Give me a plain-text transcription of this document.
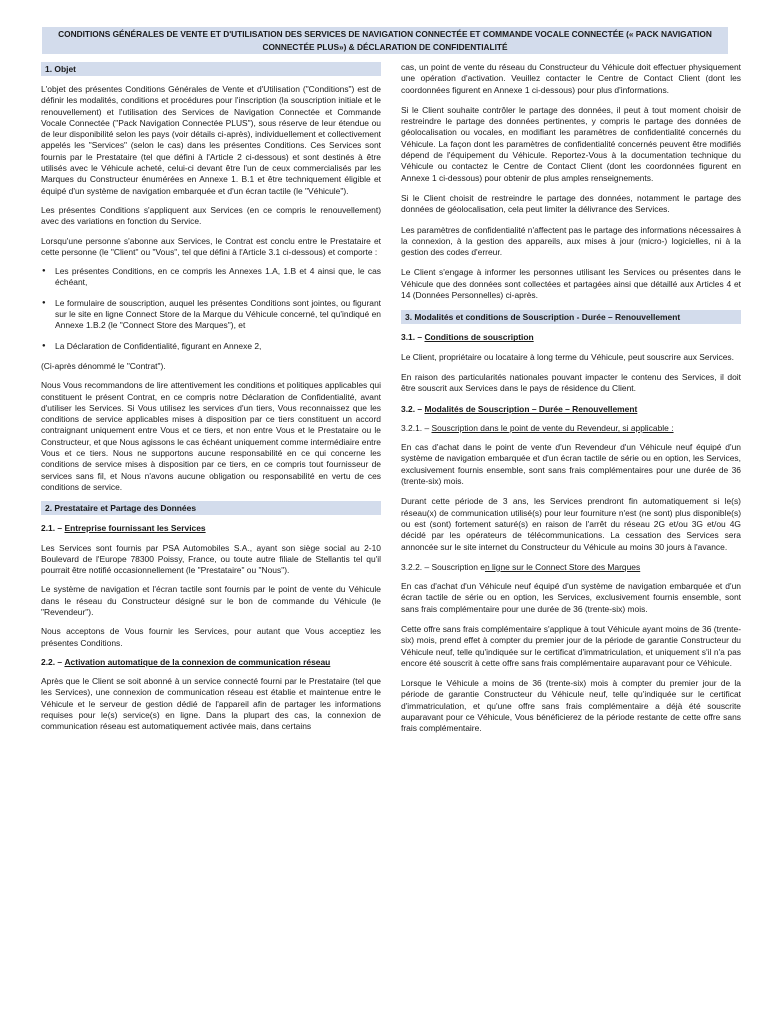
CONDITIONS GÉNÉRALES DE VENTE ET D'UTILISATION DES SERVICES DE NAVIGATION CONNECTÉE ET COMMANDE VOCALE CONNECTÉE (« PACK NAVIGATION CONNECTÉE PLUS») & DÉCLARATION DE CONFIDENTIALITÉ
1. Objet

L'objet des présentes Conditions Générales de Vente et d'Utilisation ("Conditions") est de définir les modalités, conditions et procédures pour l'inscription (la souscription initiale et le renouvellement) et l'utilisation des Services de Navigation Connectée et Commande Vocale Connectée ("Pack Navigation Connectée PLUS"), sous réserve de leur étendue ou de leur disponibilité selon les pays (voir détails ci-après), individuellement et collectivement appelés les "Services" (selon le cas) dans les présentes Conditions. Ces Services sont fournis par le Prestataire (tel que défini à l'Article 2 ci-dessous) et sont destinés à être utilisés avec le Véhicule acheté, celui-ci devant être l'un de ceux commercialisés par les Marques du Constructeur énumérées en Annexe 1. B.1 et être techniquement éligible et équipé d'un système de navigation embarquée et d'un écran tactile (le "Véhicule").

Les présentes Conditions s'appliquent aux Services (en ce compris le renouvellement) avec des variations en fonction du Service.

Lorsqu'une personne s'abonne aux Services, le Contrat est conclu entre le Prestataire et cette personne (le "Client" ou "Vous", tel que défini à l'Article 3.1 ci-dessous) et comporte :

● Les présentes Conditions, en ce compris les Annexes 1.A, 1.B et 4 ainsi que, le cas échéant,
● Le formulaire de souscription, auquel les présentes Conditions sont jointes, ou figurant sur le site en ligne Connect Store de la Marque du Véhicule concerné, tel qu'indiqué en Annexe 1.B.2 (le "Connect Store des Marques"), et
● La Déclaration de Confidentialité, figurant en Annexe 2,

(Ci-après dénommé le "Contrat").

Nous Vous recommandons de lire attentivement les conditions et politiques applicables qui constituent le présent Contrat, en ce compris notre Déclaration de Confidentialité, avant d'utiliser les Services. Si Vous utilisez les services d'un tiers, Vous reconnaissez que les conditions de service applicables mises à disposition par ce tiers constituent un accord contraignant uniquement entre Vous et ce tiers, et non entre Vous et le Prestataire ou le Constructeur, et que Nous agissons le cas échéant uniquement comme intermédiaire entre Vous et ce tiers. Nous ne supportons aucune responsabilité en ce qui concerne les conditions de service mises à disposition par ce tiers, en ce compris tout fournisseur de services sans fil, et Nous n'avons aucune obligation ou responsabilité en vertu de ces conditions de service.

2. Prestataire et Partage des Données
2.1. – Entreprise fournissant les Services

Les Services sont fournis par PSA Automobiles S.A., ayant son siège social au 2-10 Boulevard de l'Europe 78300 Poissy, France, ou toute autre filiale de Stellantis tel qu'il pourrait être notifié occasionnellement (le "Prestataire" ou "Nous").

Le système de navigation et l'écran tactile sont fournis par le point de vente du Véhicule dans le réseau du Constructeur désigné sur le bon de commande du Véhicule (le "Revendeur").

Nous acceptons de Vous fournir les Services, pour autant que Vous acceptiez les présentes Conditions.

2.2. – Activation automatique de la connexion de communication réseau

Après que le Client se soit abonné à un service connecté fourni par le Prestataire (tel que les Services), une connexion de communication réseau est établie et maintenue entre le Véhicule et le serveur de gestion dédié de l'appareil afin de partager les informations requises pour le(s) service(s) en ligne. Dans la plupart des cas, la connexion de communication réseau est automatiquement activée mais, dans certains

cas, un point de vente du réseau du Constructeur du Véhicule doit effectuer physiquement une opération d'activation. Veuillez contacter le Centre de Contact Client (dont les coordonnées figurent en Annexe 1 ci-dessous) pour plus d'informations.

Si le Client souhaite contrôler le partage des données, il peut à tout moment choisir de restreindre le partage des données pertinentes, y compris le partage des données de géolocalisation ou vocales, en modifiant les paramètres de confidentialité concernés du Véhicule. La façon dont les paramètres de confidentialité concernés peuvent être modifiés dépend de l'équipement du Véhicule. Reportez-Vous à la documentation technique du Véhicule ou contactez le Centre de Contact Client (dont les coordonnées figurent en Annexe 1 ci-dessous) pour obtenir de plus amples renseignements.

Si le Client choisit de restreindre le partage des données, notamment le partage des données de géolocalisation, cela peut limiter la délivrance des Services.

Les paramètres de confidentialité n'affectent pas le partage des informations nécessaires à la connexion, à la gestion des appareils, aux mises à jour (micro-) logicielles, ni à la gestion des codes d'erreur.

Le Client s'engage à informer les personnes utilisant les Services ou présentes dans le Véhicule que des données sont collectées et partagées ainsi que détaillé aux Articles 4 et 14 (Données Personnelles) ci-après.

3. Modalités et conditions de Souscription - Durée – Renouvellement
3.1. – Conditions de souscription

Le Client, propriétaire ou locataire à long terme du Véhicule, peut souscrire aux Services.

En raison des particularités nationales pouvant impacter le contenu des Services, il doit être souscrit aux Services dans le pays de résidence du Client.

3.2. – Modalités de Souscription – Durée – Renouvellement
3.2.1. – Souscription dans le point de vente du Revendeur, si applicable :

En cas d'achat dans le point de vente d'un Revendeur d'un Véhicule neuf équipé d'un système de navigation embarquée et d'un écran tactile de série ou en option, les Services, exclusivement fournis ensemble, sont sans frais complémentaires pour une durée de 36 (trente-six) mois.

Durant cette période de 3 ans, les Services prendront fin automatiquement si le(s) réseau(x) de communication utilisé(s) pour leur fourniture n'est (ne sont) plus disponible(s) ou est (sont) fortement saturé(s) en raison de l'arrêt du réseau 2G et/ou 3G et/ou 4G décidé par les opérateurs de télécommunications. La cessation des Services sera annoncée sur le site internet du Constructeur du Véhicule au moins 30 jours à l'avance.

3.2.2. – Souscription en ligne sur le Connect Store des Marques

En cas d'achat d'un Véhicule neuf équipé d'un système de navigation embarquée et d'un écran tactile de série ou en option, les Services, exclusivement fournis ensemble, sont sans frais complémentaire pour une durée de 36 (trente-six) mois.

Cette offre sans frais complémentaire s'applique à tout Véhicule ayant moins de 36 (trente-six) mois, prend effet à compter du premier jour de la période de garantie Constructeur du Véhicule neuf, telle qu'indiquée sur le certificat d'immatriculation, et uniquement s'il n'a pas encore été souscrit à cette offre sans frais complémentaire auparavant pour ce Véhicule.

Lorsque le Véhicule a moins de 36 (trente-six) mois à compter du premier jour de la période de garantie Constructeur du Véhicule neuf, telle qu'indiquée sur le certificat d'immatriculation, et qu'une offre sans frais complémentaire a déjà été souscrite auparavant pour ce Véhicule, Vous bénéficierez de la période restante de cette offre sans frais complémentaire.
